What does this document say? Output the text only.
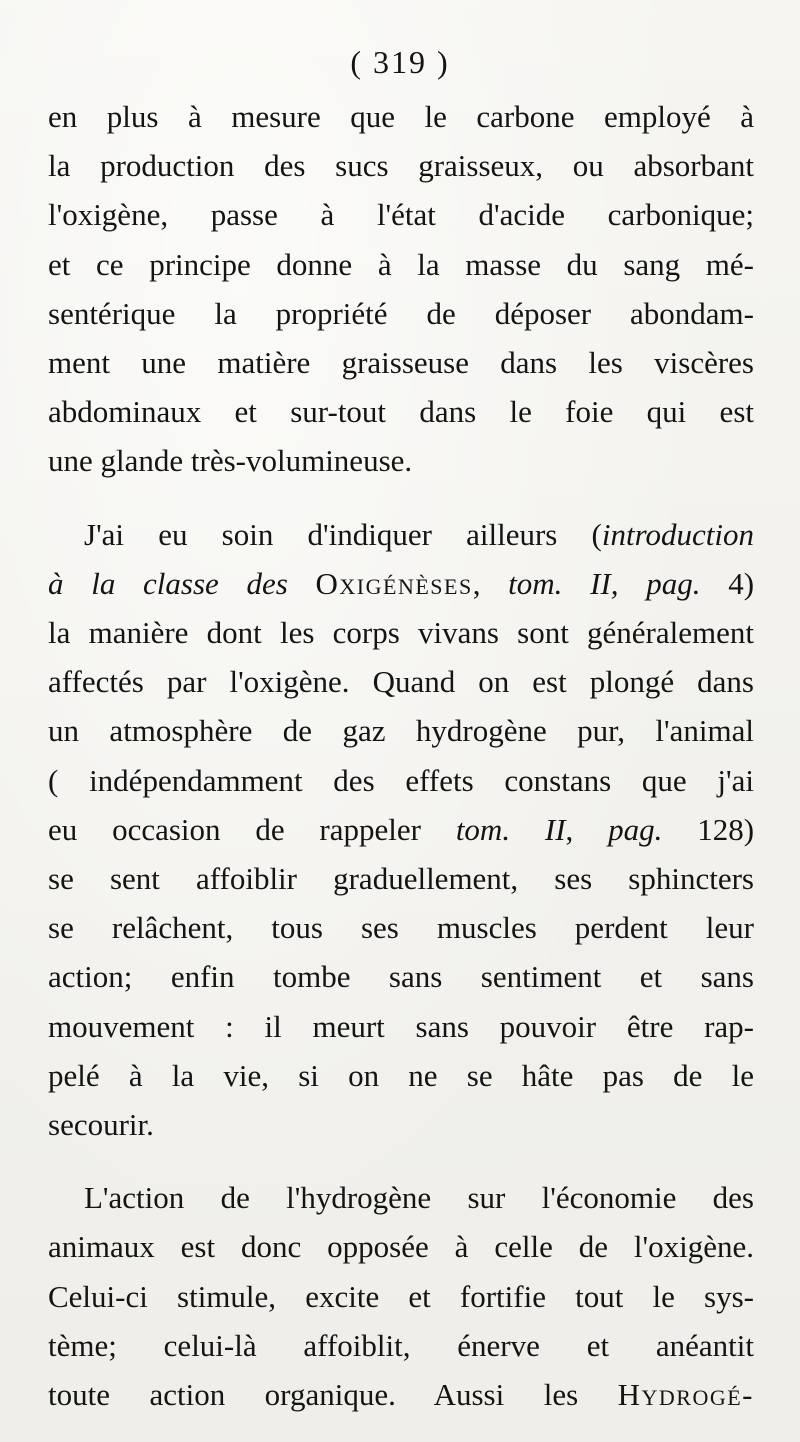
( 319 )

en plus à mesure que le carbone employé à

la production des sucs graisseux, ou absorbant

l'oxigène, passe à l'état d'acide carbonique;

et ce principe donne à la masse du sang mé-

sentérique la propriété de déposer abondam-

ment une matière graisseuse dans les viscères

abdominaux et sur-tout dans le foie qui est

une glande très-volumineuse.

J'ai eu soin d'indiquer ailleurs (introduction

à la classe des Oxigénèses, tom. II, pag. 4)

la manière dont les corps vivans sont généralement

affectés par l'oxigène. Quand on est plongé dans

un atmosphère de gaz hydrogène pur, l'animal

( indépendamment des effets constans que j'ai

eu occasion de rappeler tom. II, pag. 128)

se sent affoiblir graduellement, ses sphincters

se relâchent, tous ses muscles perdent leur

action; enfin tombe sans sentiment et sans

mouvement : il meurt sans pouvoir être rap-

pelé à la vie, si on ne se hâte pas de le

secourir.

L'action de l'hydrogène sur l'économie des

animaux est donc opposée à celle de l'oxigène.

Celui-ci stimule, excite et fortifie tout le sys-

tème; celui-là affoiblit, énerve et anéantit

toute action organique. Aussi les Hydrogé-
